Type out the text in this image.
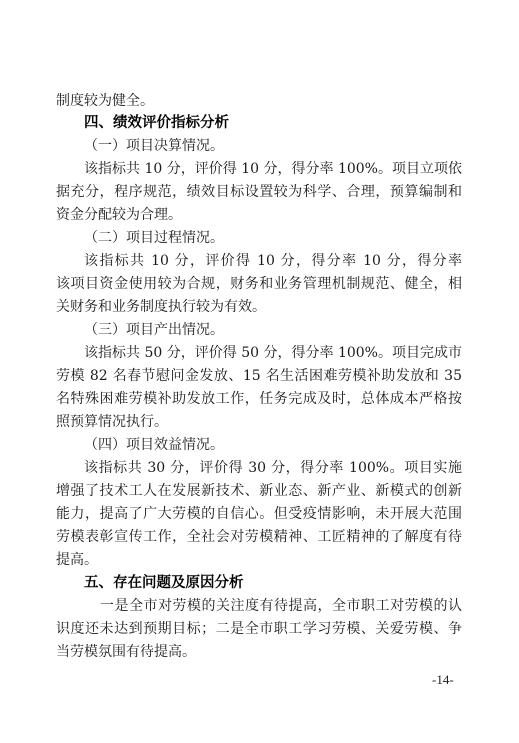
制度较为健全。
四、绩效评价指标分析
（一）项目决算情况。
该指标共 10 分，评价得 10 分，得分率 100%。项目立项依
据充分，程序规范，绩效目标设置较为科学、合理，预算编制和
资金分配较为合理。
（二）项目过程情况。
该指标共 10 分，评价得 10 分，得分率 10 分，得分率
该项目资金使用较为合规，财务和业务管理机制规范、健全，相
关财务和业务制度执行较为有效。
（三）项目产出情况。
该指标共 50 分，评价得 50 分，得分率 100%。项目完成市
劳模 82 名春节慰问金发放、15 名生活困难劳模补助发放和 35
名特殊困难劳模补助发放工作，任务完成及时，总体成本严格按
照预算情况执行。
（四）项目效益情况。
该指标共 30 分，评价得 30 分，得分率 100%。项目实施
增强了技术工人在发展新技术、新业态、新产业、新模式的创新
能力，提高了广大劳模的自信心。但受疫情影响，未开展大范围
劳模表彰宣传工作，全社会对劳模精神、工匠精神的了解度有待
提高。
五、存在问题及原因分析
一是全市对劳模的关注度有待提高，全市职工对劳模的认
识度还未达到预期目标；二是全市职工学习劳模、关爱劳模、争
当劳模氛围有待提高。
-14-
